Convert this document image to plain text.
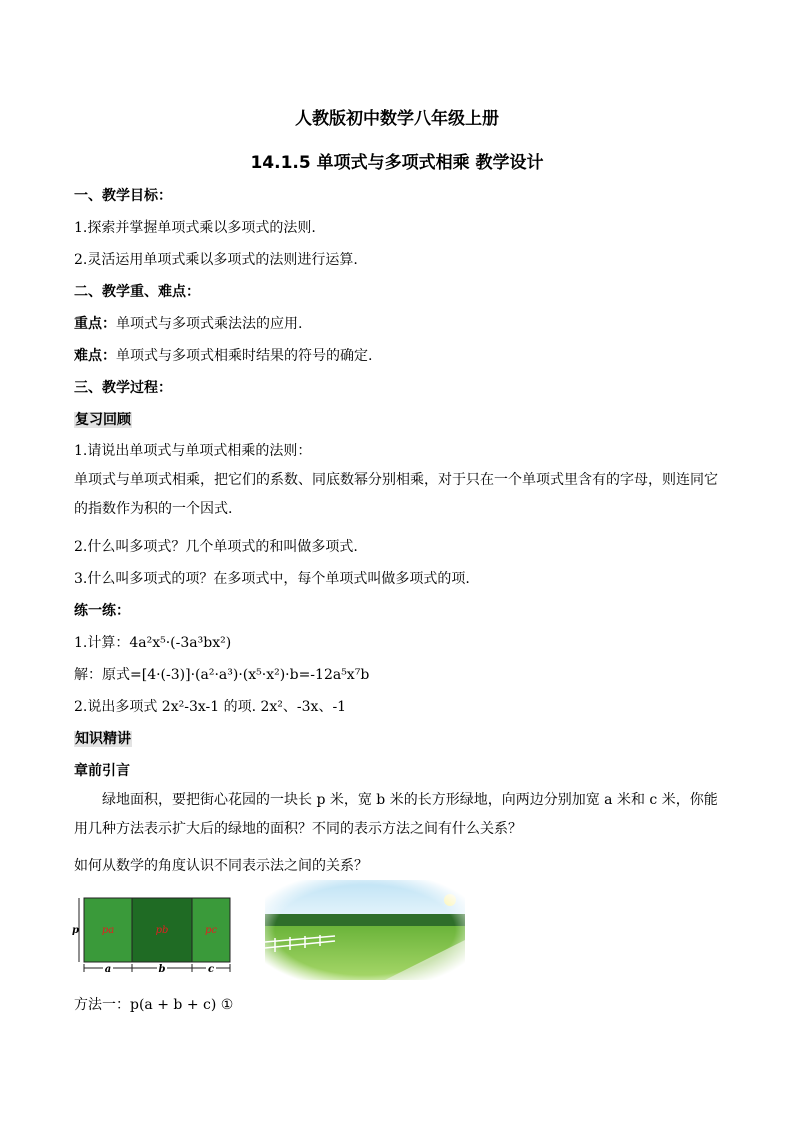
人教版初中数学八年级上册
14.1.5 单项式与多项式相乘 教学设计
一、教学目标：
1.探索并掌握单项式乘以多项式的法则.
2.灵活运用单项式乘以多项式的法则进行运算.
二、教学重、难点：
重点：单项式与多项式乘法法的应用.
难点：单项式与多项式相乘时结果的符号的确定.
三、教学过程：
复习回顾
1.请说出单项式与单项式相乘的法则：
单项式与单项式相乘，把它们的系数、同底数幂分别相乘，对于只在一个单项式里含有的字母，则连同它的指数作为积的一个因式.
2.什么叫多项式？几个单项式的和叫做多项式.
3.什么叫多项式的项？在多项式中，每个单项式叫做多项式的项.
练一练：
1.计算：4a²x⁵·(-3a³bx²)
解：原式=[4·(-3)]·(a²·a³)·(x⁵·x²)·b=-12a⁵x⁷b
2.说出多项式 2x²-3x-1 的项. 2x²、-3x、-1
知识精讲
章前引言
绿地面积，要把街心花园的一块长 p 米，宽 b 米的长方形绿地，向两边分别加宽 a 米和 c 米，你能用几种方法表示扩大后的绿地的面积？不同的表示方法之间有什么关系？
如何从数学的角度认识不同表示法之间的关系？
pa	pb	pc
p
a	b	c
方法一：p(a + b + c) ①
